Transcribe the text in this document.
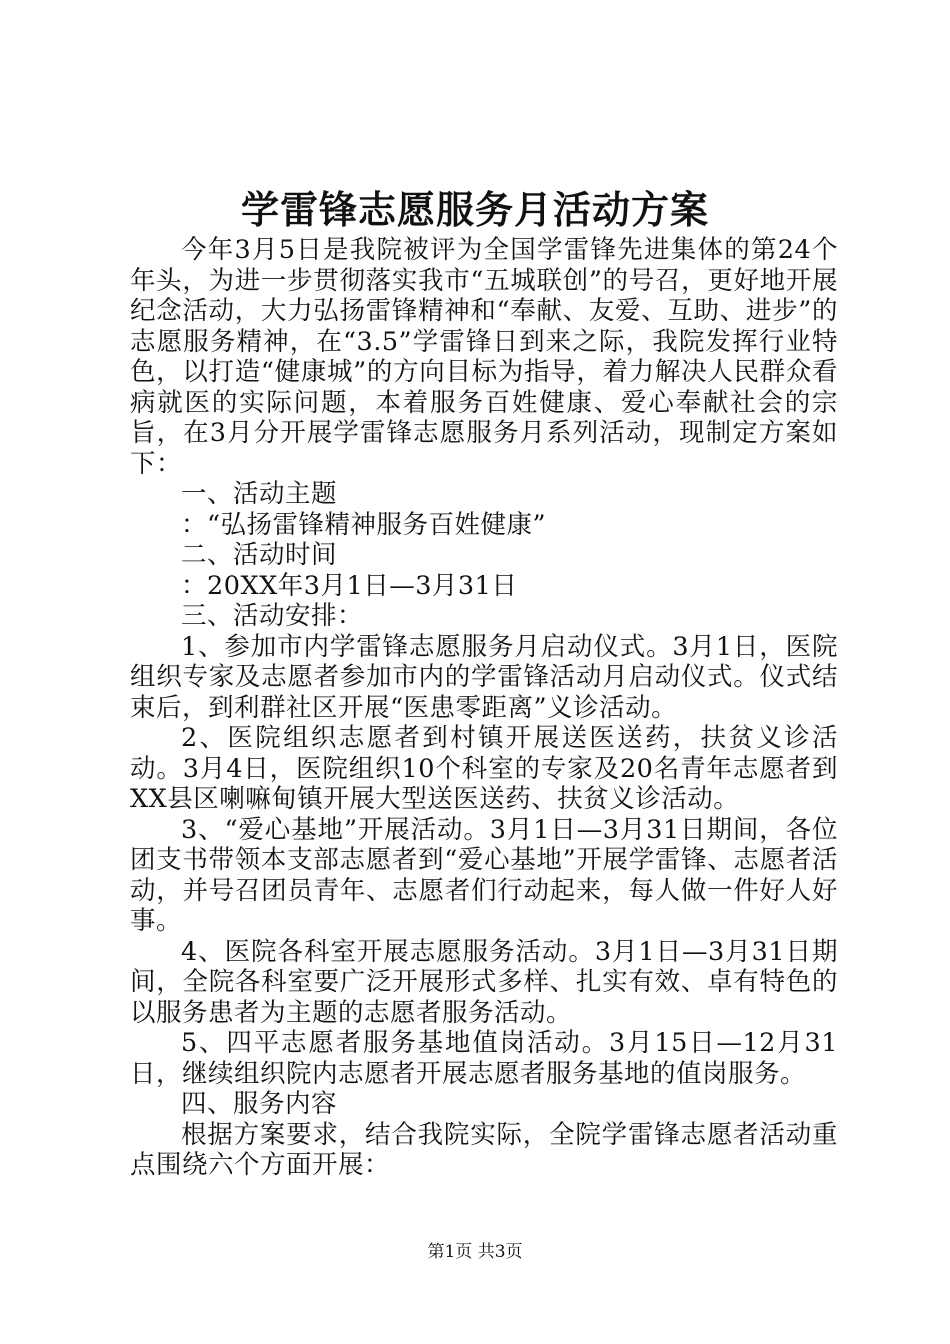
学雷锋志愿服务月活动方案

今年3月5日是我院被评为全国学雷锋先进集体的第24个年头，为进一步贯彻落实我市“五城联创”的号召，更好地开展纪念活动，大力弘扬雷锋精神和“奉献、友爱、互助、进步”的志愿服务精神，在“3.5”学雷锋日到来之际，我院发挥行业特色，以打造“健康城”的方向目标为指导，着力解决人民群众看病就医的实际问题，本着服务百姓健康、爱心奉献社会的宗旨，在3月分开展学雷锋志愿服务月系列活动，现制定方案如下：

一、活动主题

：“弘扬雷锋精神服务百姓健康”

二、活动时间

：20XX年3月1日—3月31日

三、活动安排：

1、参加市内学雷锋志愿服务月启动仪式。3月1日，医院组织专家及志愿者参加市内的学雷锋活动月启动仪式。仪式结束后，到利群社区开展“医患零距离”义诊活动。

2、医院组织志愿者到村镇开展送医送药，扶贫义诊活动。3月4日，医院组织10个科室的专家及20名青年志愿者到XX县区喇嘛甸镇开展大型送医送药、扶贫义诊活动。

3、“爱心基地”开展活动。3月1日—3月31日期间，各位团支书带领本支部志愿者到“爱心基地”开展学雷锋、志愿者活动，并号召团员青年、志愿者们行动起来，每人做一件好人好事。

4、医院各科室开展志愿服务活动。3月1日—3月31日期间，全院各科室要广泛开展形式多样、扎实有效、卓有特色的以服务患者为主题的志愿者服务活动。

5、四平志愿者服务基地值岗活动。3月15日—12月31日，继续组织院内志愿者开展志愿者服务基地的值岗服务。

四、服务内容

根据方案要求，结合我院实际，全院学雷锋志愿者活动重点围绕六个方面开展：

第1页 共3页
